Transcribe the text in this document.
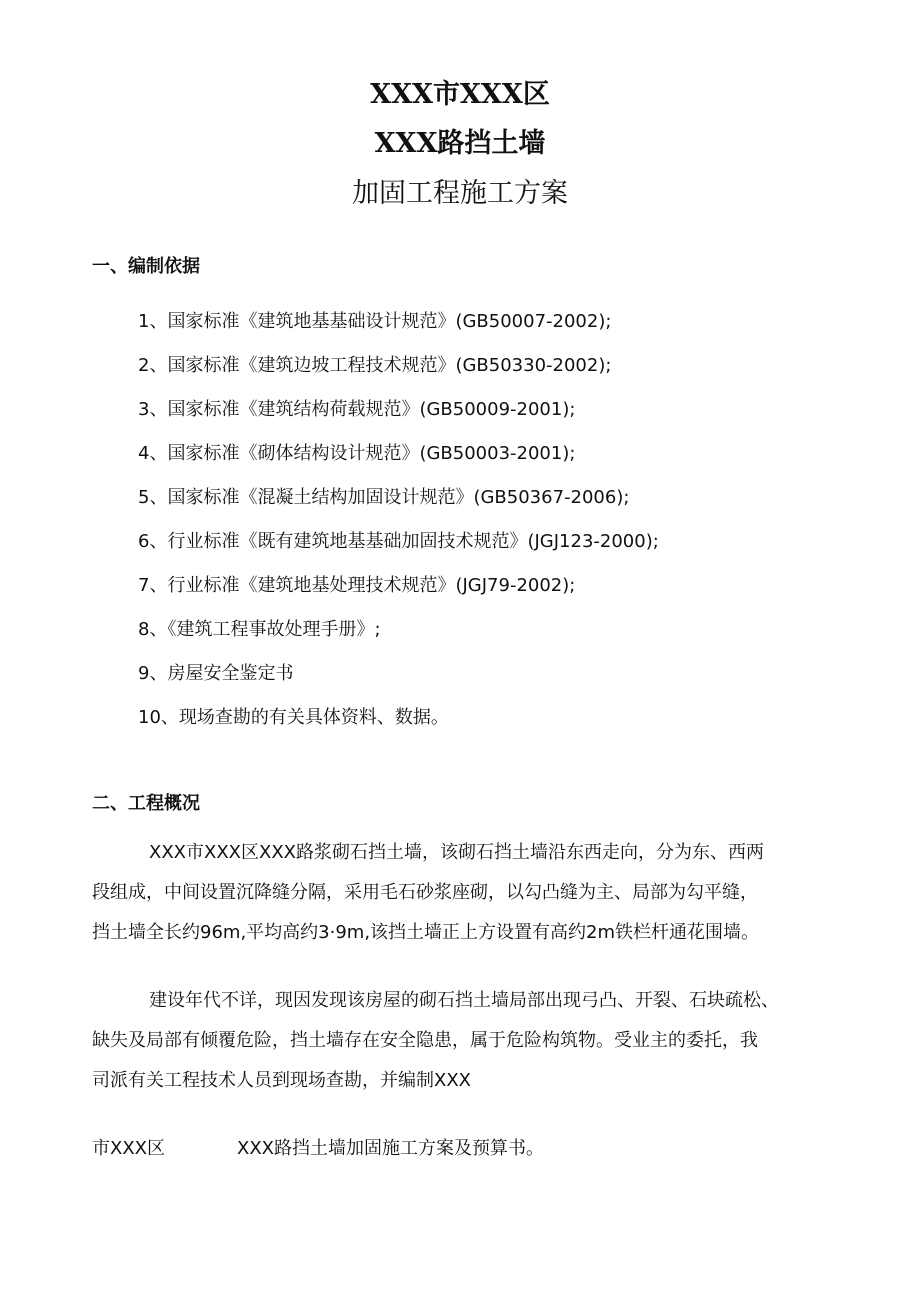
XXX市XXX区
XXX路挡土墙
加固工程施工方案
一、编制依据
1、国家标准《建筑地基基础设计规范》(GB50007-2002);
2、国家标准《建筑边坡工程技术规范》(GB50330-2002);
3、国家标准《建筑结构荷载规范》(GB50009-2001);
4、国家标准《砌体结构设计规范》(GB50003-2001);
5、国家标准《混凝土结构加固设计规范》(GB50367-2006);
6、行业标准《既有建筑地基基础加固技术规范》(JGJ123-2000);
7、行业标准《建筑地基处理技术规范》(JGJ79-2002);
8、《建筑工程事故处理手册》;
9、房屋安全鉴定书
10、现场查勘的有关具体资料、数据。
二、工程概况
XXX市XXX区XXX路浆砌石挡土墙，该砌石挡土墙沿东西走向，分为东、西两
段组成，中间设置沉降缝分隔，采用毛石砂浆座砌，以勾凸缝为主、局部为勾平缝，
挡土墙全长约96m,平均高约3·9m,该挡土墙正上方设置有高约2m铁栏杆通花围墙。
建设年代不详，现因发现该房屋的砌石挡土墙局部出现弓凸、开裂、石块疏松、
缺失及局部有倾覆危险，挡土墙存在安全隐患，属于危险构筑物。受业主的委托，我
司派有关工程技术人员到现场查勘，并编制XXX
市XXX区	XXX路挡土墙加固施工方案及预算书。
